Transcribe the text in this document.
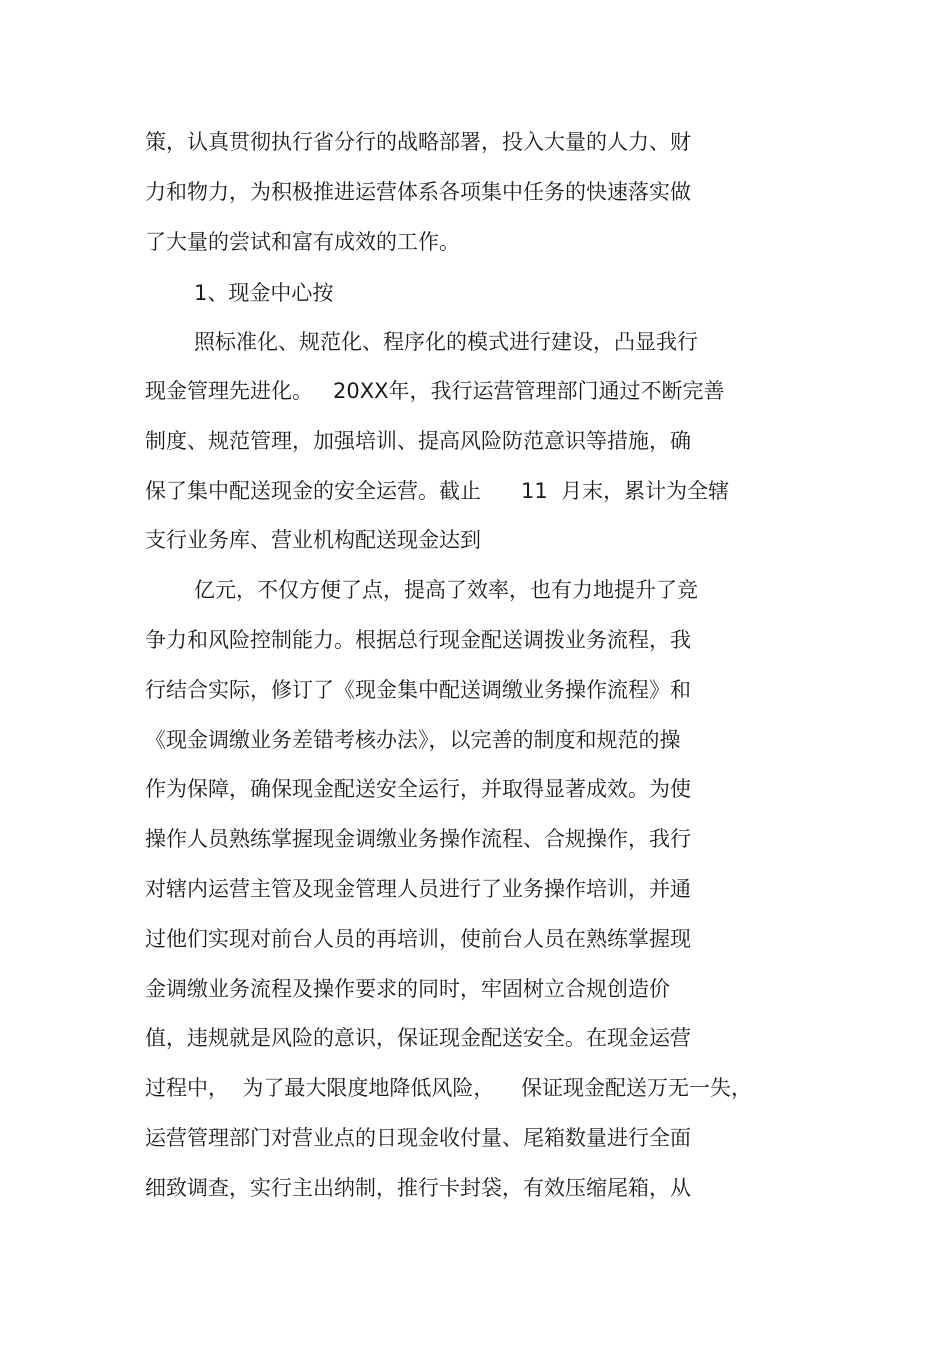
策，认真贯彻执行省分行的战略部署，投入大量的人力、财
力和物力，为积极推进运营体系各项集中任务的快速落实做
了大量的尝试和富有成效的工作。
1、现金中心按
照标准化、规范化、程序化的模式进行建设，凸显我行
现金管理先进化。   20XX年，我行运营管理部门通过不断完善
制度、规范管理，加强培训、提高风险防范意识等措施，确
保了集中配送现金的安全运营。截止      11  月末，累计为全辖
支行业务库、营业机构配送现金达到
亿元，不仅方便了点，提高了效率，也有力地提升了竞
争力和风险控制能力。根据总行现金配送调拨业务流程，我
行结合实际，修订了《现金集中配送调缴业务操作流程》和
《现金调缴业务差错考核办法》，以完善的制度和规范的操
作为保障，确保现金配送安全运行，并取得显著成效。为使
操作人员熟练掌握现金调缴业务操作流程、合规操作，我行
对辖内运营主管及现金管理人员进行了业务操作培训，并通
过他们实现对前台人员的再培训，使前台人员在熟练掌握现
金调缴业务流程及操作要求的同时，牢固树立合规创造价
值，违规就是风险的意识，保证现金配送安全。在现金运营
过程中，  为了最大限度地降低风险，    保证现金配送万无一失，
运营管理部门对营业点的日现金收付量、尾箱数量进行全面
细致调查，实行主出纳制，推行卡封袋，有效压缩尾箱，从
